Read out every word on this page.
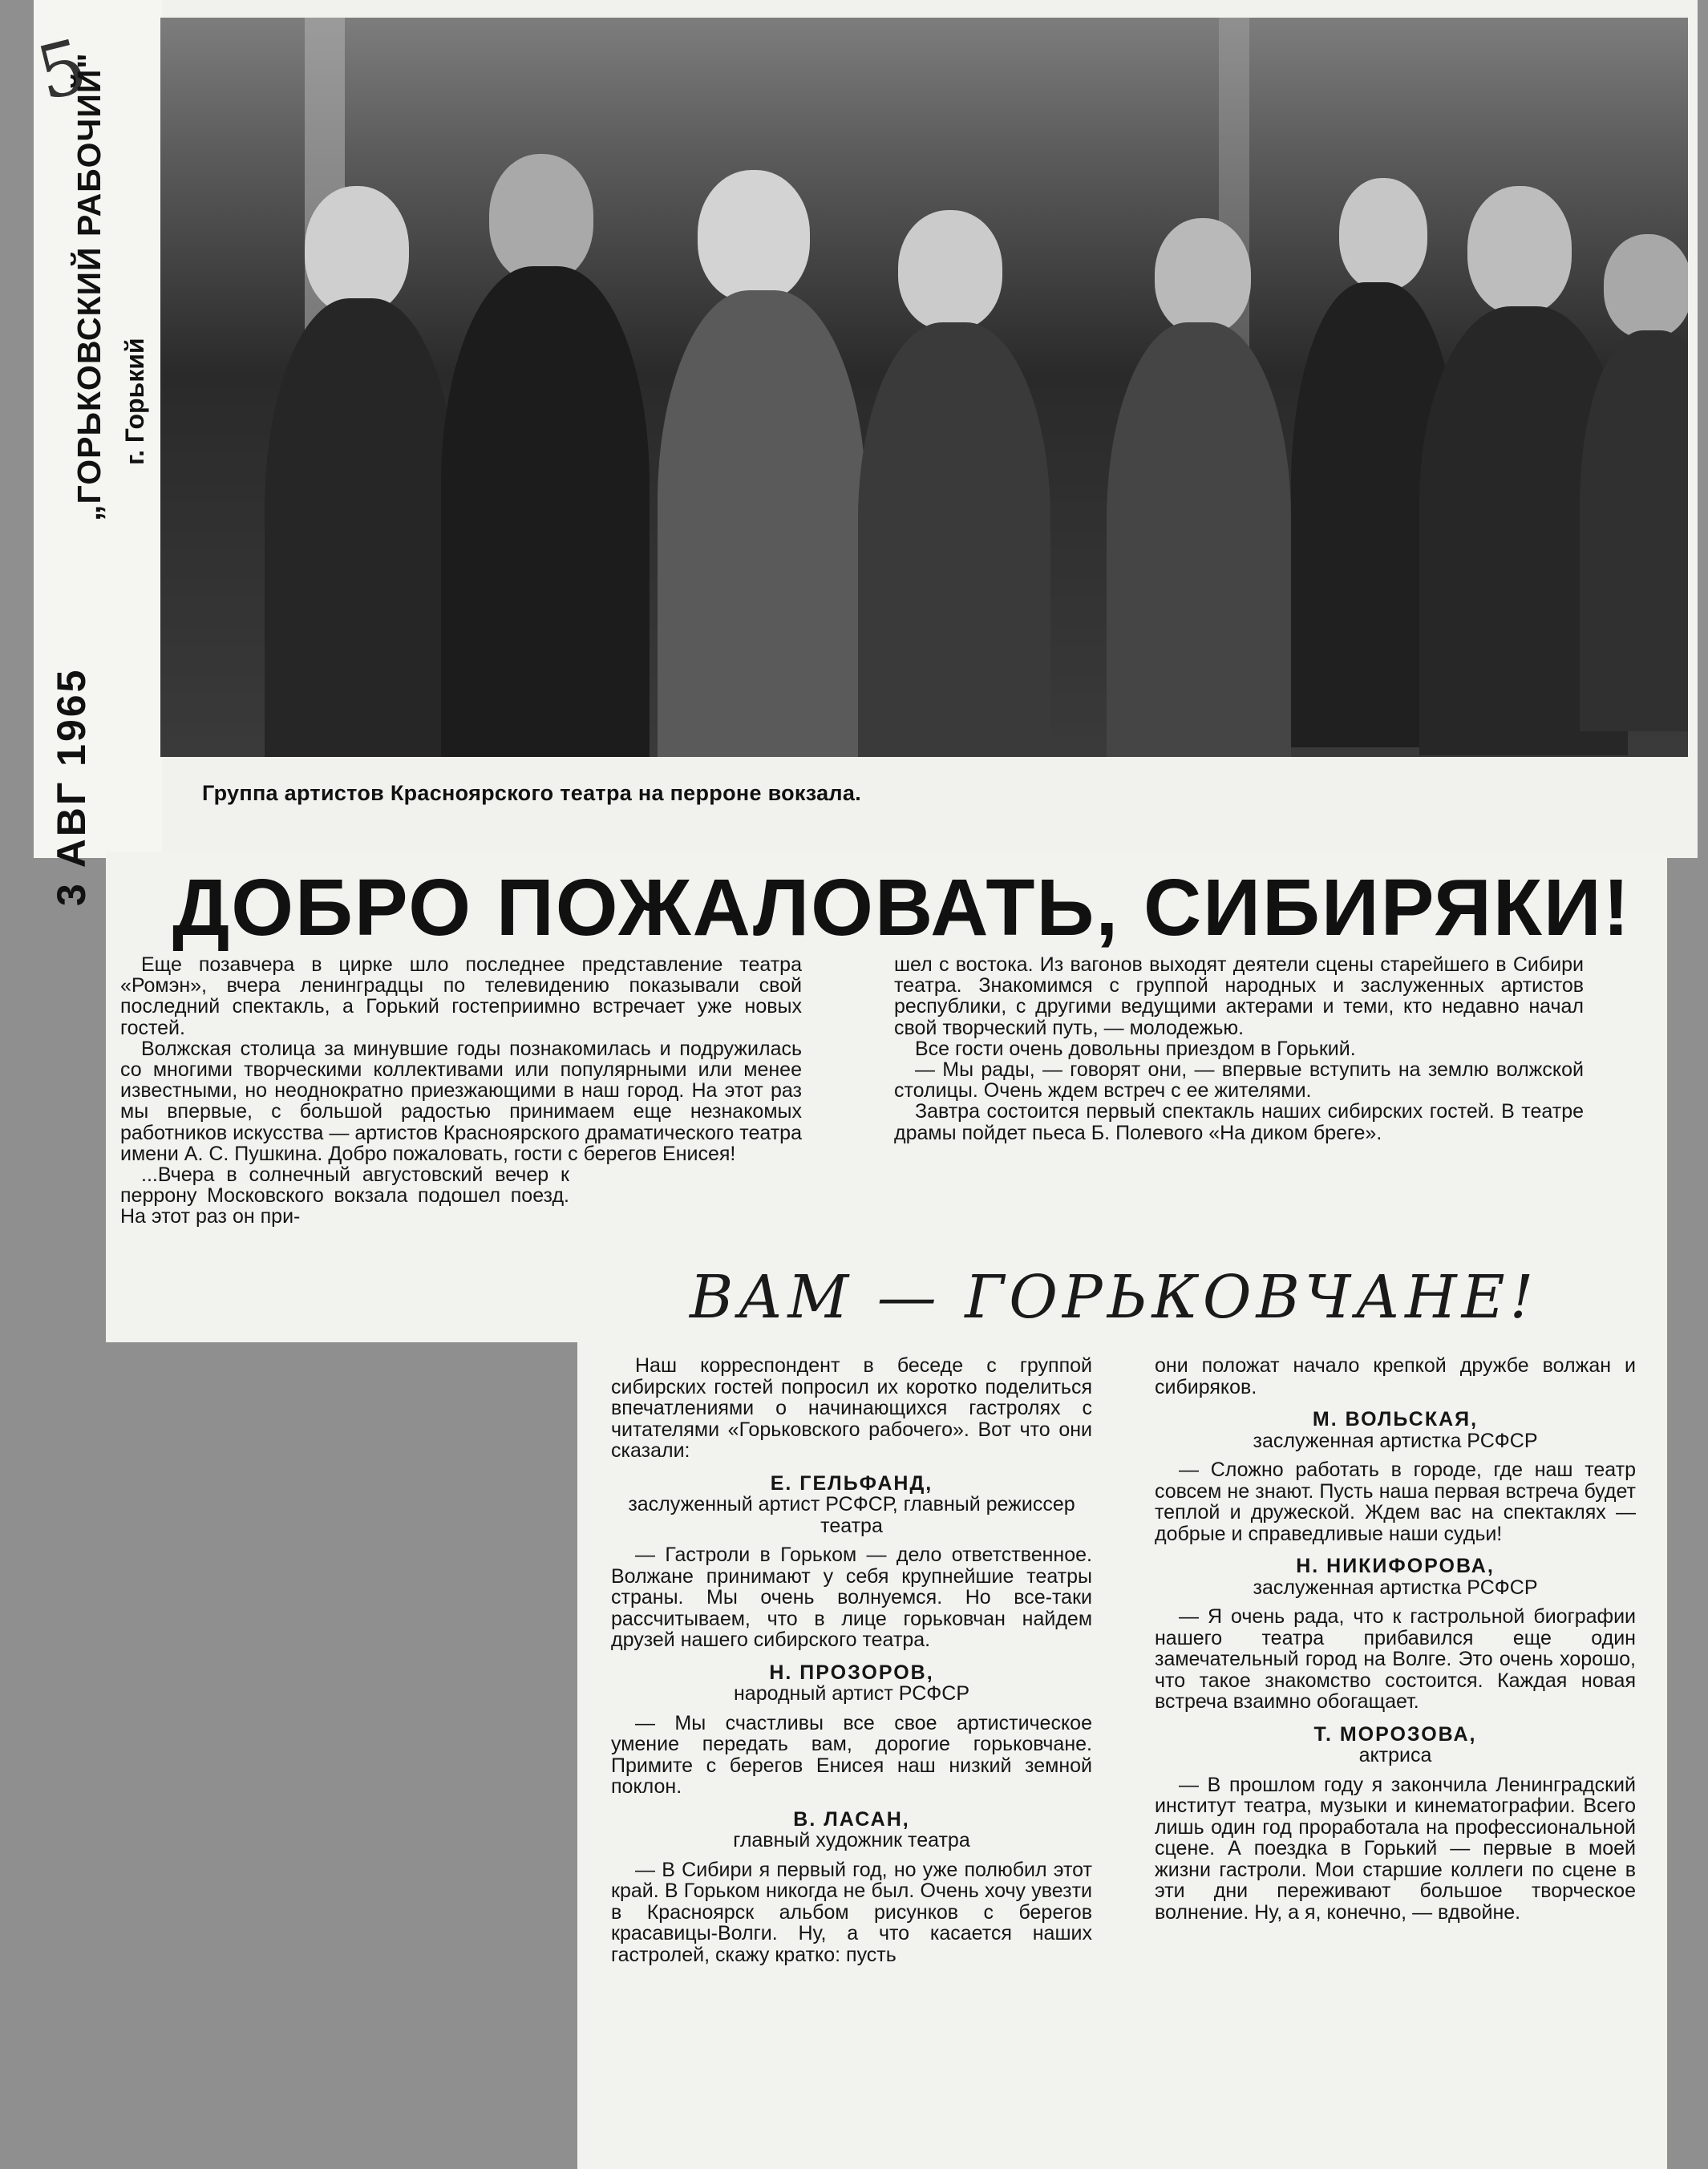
5
„ГОРЬКОВСКИЙ РАБОЧИЙ" г. Горький
3 АВГ 1965	Группа артистов Красноярского театра на перроне вокзала.
ДОБРО ПОЖАЛОВАТЬ, СИБИРЯКИ!

Еще позавчера в цирке шло последнее представление театра «Ромэн», вчера ленинградцы по телевидению показывали свой последний спектакль, а Горький гостеприимно встречает уже новых гостей.

Волжская столица за минувшие годы познакомилась и подружилась со многими творческими коллективами или популярными или менее известными, но неоднократно приезжающими в наш город. На этот раз мы впервые, с большой радостью принимаем еще незнакомых работников искусства — артистов Красноярского драматического театра имени А. С. Пушкина. Добро пожаловать, гости с берегов Енисея!

...Вчера в солнечный августовский вечер к перрону Московского вокзала подошел поезд. На этот раз он при-

шел с востока. Из вагонов выходят деятели сцены старейшего в Сибири театра. Знакомимся с группой народных и заслуженных артистов республики, с другими ведущими актерами и теми, кто недавно начал свой творческий путь, — молодежью.

Все гости очень довольны приездом в Горький.

— Мы рады, — говорят они, — впервые вступить на землю волжской столицы. Очень ждем встреч с ее жителями.

Завтра состоится первый спектакль наших сибирских гостей. В театре драмы пойдет пьеса Б. Полевого «На диком бреге».

ВАМ — ГОРЬКОВЧАНЕ!

Наш корреспондент в беседе с группой сибирских гостей попросил их коротко поделиться впечатлениями о начинающихся гастролях с читателями «Горьковского рабочего». Вот что они сказали:

Е. ГЕЛЬФАНД,
заслуженный артист РСФСР, главный режиссер театра

— Гастроли в Горьком — дело ответственное. Волжане принимают у себя крупнейшие театры страны. Мы очень волнуемся. Но все-таки рассчитываем, что в лице горьковчан найдем друзей нашего сибирского театра.

Н. ПРОЗОРОВ,
народный артист РСФСР

— Мы счастливы все свое артистическое умение передать вам, дорогие горьковчане. Примите с берегов Енисея наш низкий земной поклон.

В. ЛАСАН,
главный художник театра

— В Сибири я первый год, но уже полюбил этот край. В Горьком никогда не был. Очень хочу увезти в Красноярск альбом рисунков с берегов красавицы-Волги. Ну, а что касается наших гастролей, скажу кратко: пусть

они положат начало крепкой дружбе волжан и сибиряков.

М. ВОЛЬСКАЯ,
заслуженная артистка РСФСР

— Сложно работать в городе, где наш театр совсем не знают. Пусть наша первая встреча будет теплой и дружеской. Ждем вас на спектаклях — добрые и справедливые наши судьи!

Н. НИКИФОРОВА,
заслуженная артистка РСФСР

— Я очень рада, что к гастрольной биографии нашего театра прибавился еще один замечательный город на Волге. Это очень хорошо, что такое знакомство состоится. Каждая новая встреча взаимно обогащает.

Т. МОРОЗОВА,
актриса

— В прошлом году я закончила Ленинградский институт театра, музыки и кинематографии. Всего лишь один год проработала на профессиональной сцене. А поездка в Горький — первые в моей жизни гастроли. Мои старшие коллеги по сцене в эти дни переживают большое творческое волнение. Ну, а я, конечно, — вдвойне.
